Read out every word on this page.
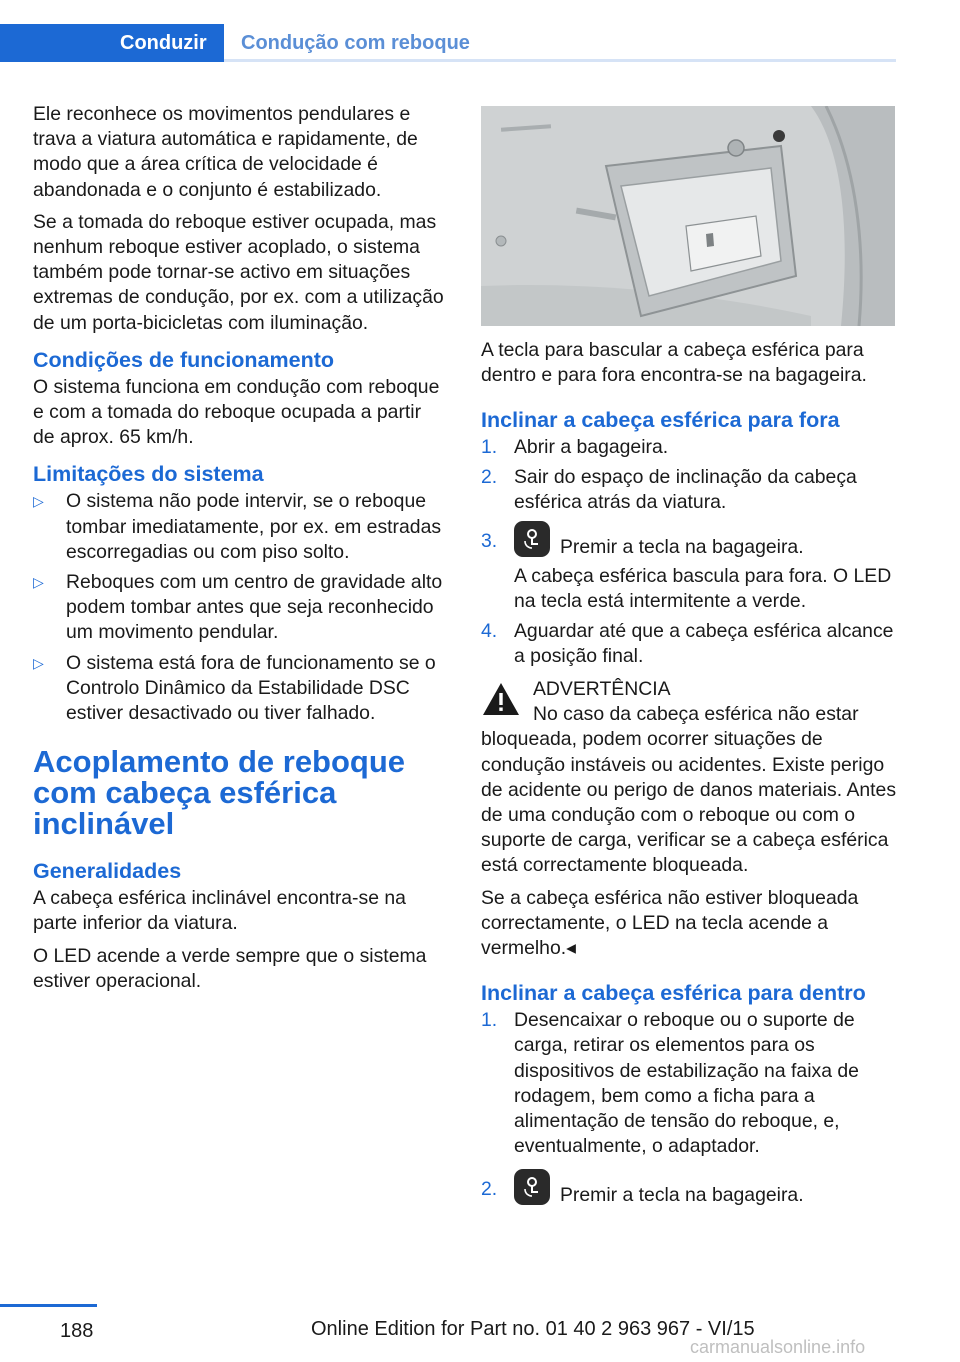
Conduzir	Condução com reboque

Ele reconhece os movimentos pendulares e trava a viatura automática e rapidamente, de modo que a área crítica de velocidade é abandonada e o conjunto é estabilizado.

Se a tomada do reboque estiver ocupada, mas nenhum reboque estiver acoplado, o sistema também pode tornar-se activo em situações extremas de condução, por ex. com a utilização de um porta-bicicletas com iluminação.

Condições de funcionamento

O sistema funciona em condução com reboque e com a tomada do reboque ocupada a partir de aprox. 65 km/h.

Limitações do sistema
▷ O sistema não pode intervir, se o reboque tombar imediatamente, por ex. em estradas escorregadias ou com piso solto.
▷ Reboques com um centro de gravidade alto podem tombar antes que seja reconhecido um movimento pendular.
▷ O sistema está fora de funcionamento se o Controlo Dinâmico da Estabilidade DSC estiver desactivado ou tiver falhado.
Acoplamento de reboque com cabeça esférica inclinável
Generalidades

A cabeça esférica inclinável encontra-se na parte inferior da viatura.

O LED acende a verde sempre que o sistema estiver operacional.

A tecla para bascular a cabeça esférica para dentro e para fora encontra-se na bagageira.

Inclinar a cabeça esférica para fora
1. Abrir a bagageira.
2. Sair do espaço de inclinação da cabeça esférica atrás da viatura.
3.	Premir a tecla na bagageira.
A cabeça esférica bascula para fora. O LED na tecla está intermitente a verde.
4. Aguardar até que a cabeça esférica alcance a posição final.
ADVERTÊNCIA

No caso da cabeça esférica não estar bloqueada, podem ocorrer situações de condução instáveis ou acidentes. Existe perigo de acidente ou perigo de danos materiais. Antes de uma condução com o reboque ou com o suporte de carga, verificar se a cabeça esférica está correctamente bloqueada.

Se a cabeça esférica não estiver bloqueada correctamente, o LED na tecla acende a vermelho.◂

Inclinar a cabeça esférica para dentro
1. Desencaixar o reboque ou o suporte de carga, retirar os elementos para os dispositivos de estabilização na faixa de rodagem, bem como a ficha para a alimentação de tensão do reboque, e, eventualmente, o adaptador.
2.	Premir a tecla na bagageira.
188	Online Edition for Part no. 01 40 2 963 967 - VI/15
carmanualsonline.info
